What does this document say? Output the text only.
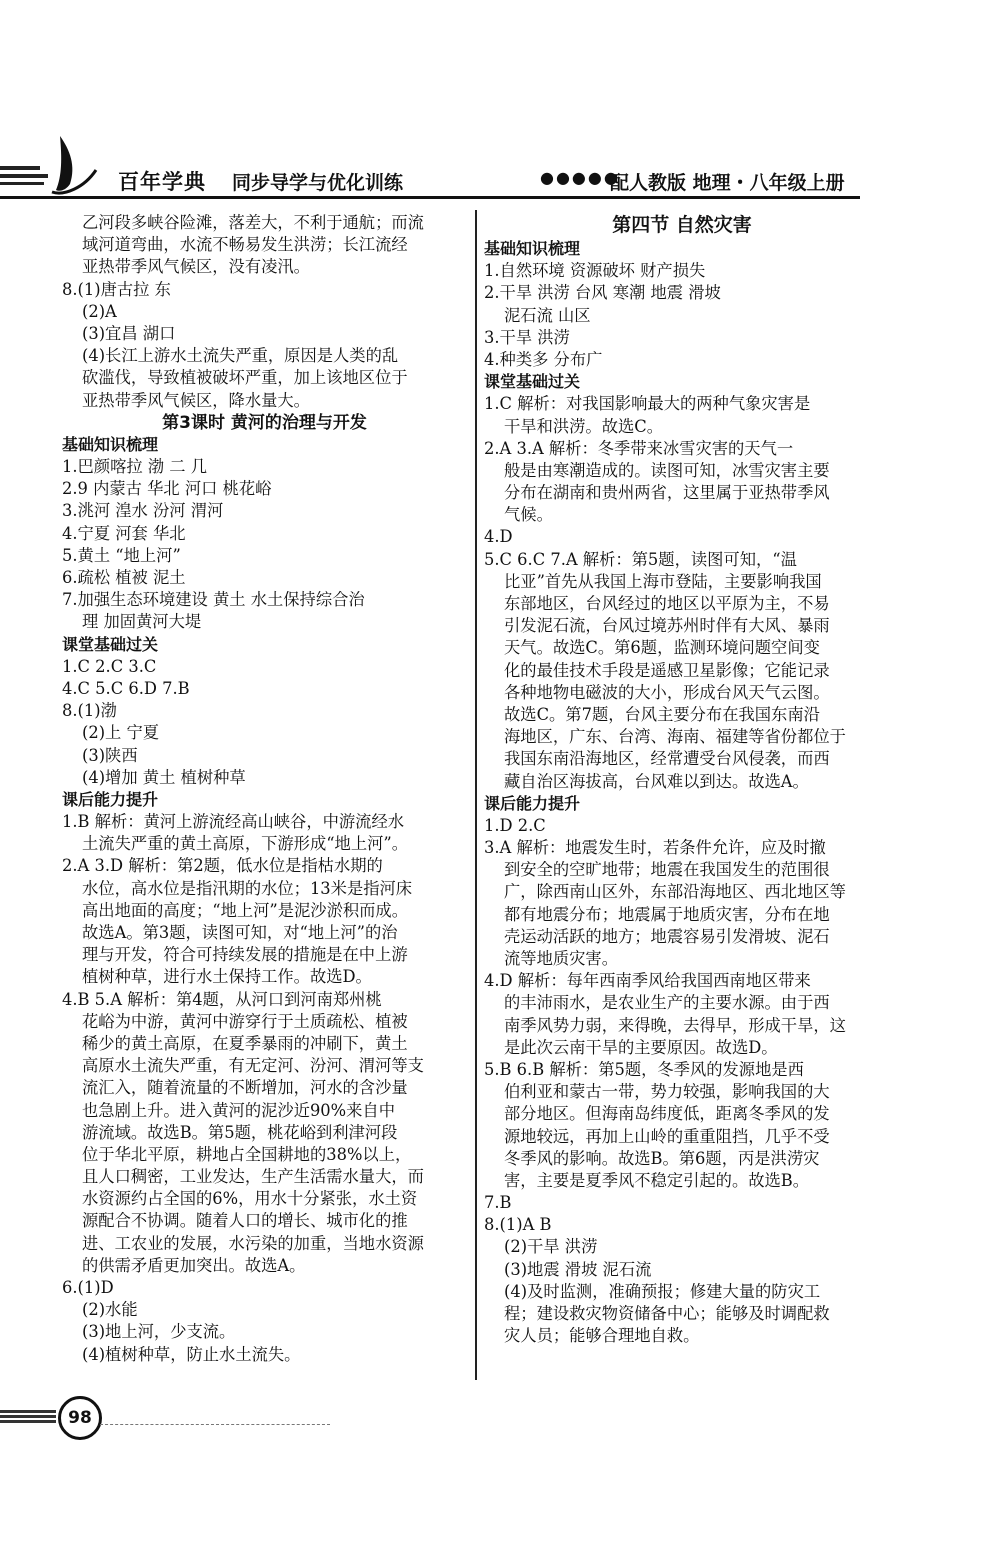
百年学典 同步导学与优化训练	●●●●●
配人教版 地理・八年级上册
乙河段多峡谷险滩，落差大，不利于通航；而流
域河道弯曲，水流不畅易发生洪涝；长江流经
亚热带季风气候区，没有凌汛。
8.(1)唐古拉 东
(2)A
(3)宜昌 湖口
(4)长江上游水土流失严重，原因是人类的乱
砍滥伐，导致植被破坏严重，加上该地区位于
亚热带季风气候区，降水量大。
第3课时 黄河的治理与开发
基础知识梳理
1.巴颜喀拉 渤 二 几
2.9 内蒙古 华北 河口 桃花峪
3.洮河 湟水 汾河 渭河
4.宁夏 河套 华北
5.黄土 “地上河”
6.疏松 植被 泥土
7.加强生态环境建设 黄土 水土保持综合治
理 加固黄河大堤
课堂基础过关
1.C 2.C 3.C
4.C 5.C 6.D 7.B
8.(1)渤
(2)上 宁夏
(3)陕西
(4)增加 黄土 植树种草
课后能力提升
1.B 解析：黄河上游流经高山峡谷，中游流经水
土流失严重的黄土高原，下游形成“地上河”。
2.A 3.D 解析：第2题，低水位是指枯水期的
水位，高水位是指汛期的水位；13米是指河床
高出地面的高度；“地上河”是泥沙淤积而成。
故选A。第3题，读图可知，对“地上河”的治
理与开发，符合可持续发展的措施是在中上游
植树种草，进行水土保持工作。故选D。
4.B 5.A 解析：第4题，从河口到河南郑州桃
花峪为中游，黄河中游穿行于土质疏松、植被
稀少的黄土高原，在夏季暴雨的冲刷下，黄土
高原水土流失严重，有无定河、汾河、渭河等支
流汇入，随着流量的不断增加，河水的含沙量
也急剧上升。进入黄河的泥沙近90%来自中
游流域。故选B。第5题，桃花峪到利津河段
位于华北平原，耕地占全国耕地的38%以上，
且人口稠密，工业发达，生产生活需水量大，而
水资源约占全国的6%，用水十分紧张，水土资
源配合不协调。随着人口的增长、城市化的推
进、工农业的发展，水污染的加重，当地水资源
的供需矛盾更加突出。故选A。
6.(1)D
(2)水能
(3)地上河，少支流。
(4)植树种草，防止水土流失。
第四节 自然灾害
基础知识梳理
1.自然环境 资源破坏 财产损失
2.干旱 洪涝 台风 寒潮 地震 滑坡
泥石流 山区
3.干旱 洪涝
4.种类多 分布广
课堂基础过关
1.C 解析：对我国影响最大的两种气象灾害是
干旱和洪涝。故选C。
2.A 3.A 解析：冬季带来冰雪灾害的天气一
般是由寒潮造成的。读图可知，冰雪灾害主要
分布在湖南和贵州两省，这里属于亚热带季风
气候。
4.D
5.C 6.C 7.A 解析：第5题，读图可知，“温
比亚”首先从我国上海市登陆，主要影响我国
东部地区，台风经过的地区以平原为主，不易
引发泥石流，台风过境苏州时伴有大风、暴雨
天气。故选C。第6题，监测环境问题空间变
化的最佳技术手段是遥感卫星影像；它能记录
各种地物电磁波的大小，形成台风天气云图。
故选C。第7题，台风主要分布在我国东南沿
海地区，广东、台湾、海南、福建等省份都位于
我国东南沿海地区，经常遭受台风侵袭，而西
藏自治区海拔高，台风难以到达。故选A。
课后能力提升
1.D 2.C
3.A 解析：地震发生时，若条件允许，应及时撤
到安全的空旷地带；地震在我国发生的范围很
广，除西南山区外，东部沿海地区、西北地区等
都有地震分布；地震属于地质灾害，分布在地
壳运动活跃的地方；地震容易引发滑坡、泥石
流等地质灾害。
4.D 解析：每年西南季风给我国西南地区带来
的丰沛雨水，是农业生产的主要水源。由于西
南季风势力弱，来得晚，去得早，形成干旱，这
是此次云南干旱的主要原因。故选D。
5.B 6.B 解析：第5题，冬季风的发源地是西
伯利亚和蒙古一带，势力较强，影响我国的大
部分地区。但海南岛纬度低，距离冬季风的发
源地较远，再加上山岭的重重阻挡，几乎不受
冬季风的影响。故选B。第6题，丙是洪涝灾
害，主要是夏季风不稳定引起的。故选B。
7.B
8.(1)A B
(2)干旱 洪涝
(3)地震 滑坡 泥石流
(4)及时监测，准确预报；修建大量的防灾工
程；建设救灾物资储备中心；能够及时调配救
灾人员；能够合理地自救。
98
